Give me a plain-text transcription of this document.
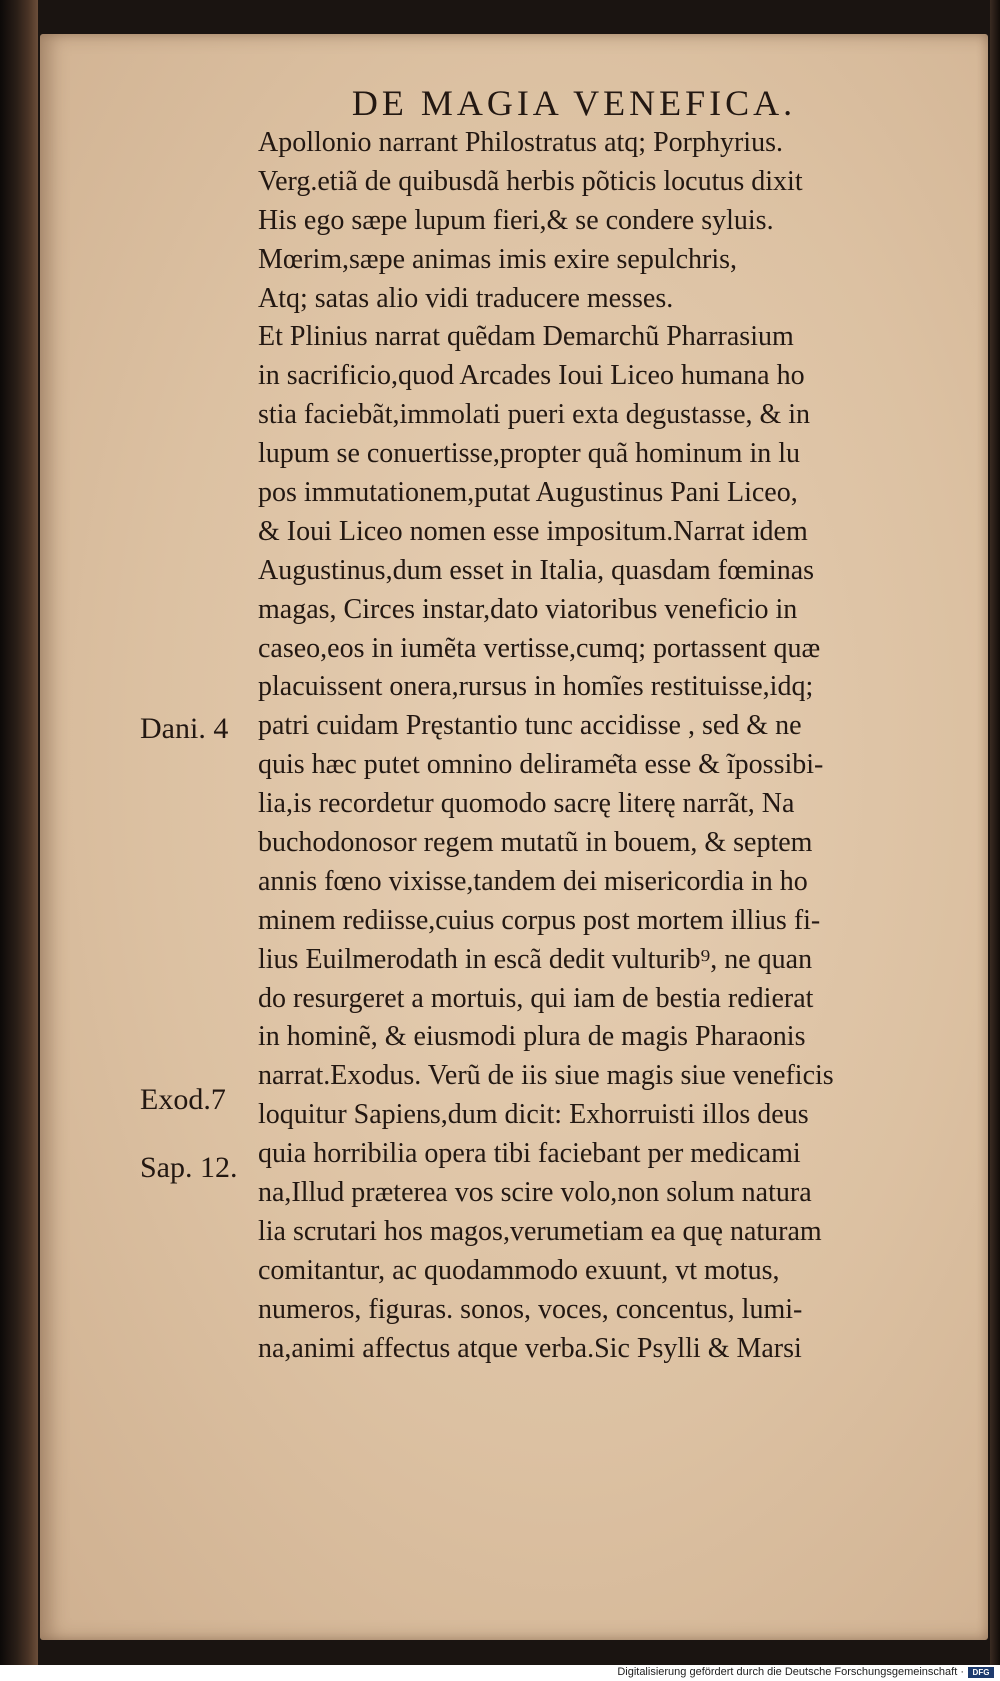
DE MAGIA VENEFICA.
Apollonio narrant Philostratus atq; Porphyrius.
Verg.etiã de quibusdã herbis põticis locutus dixit
His ego sæpe lupum fieri,& se condere syluis.
Mœrim,sæpe animas imis exire sepulchris,
Atq; satas alio vidi traducere messes.
Et Plinius narrat quẽdam Demarchũ Pharrasium
in sacrificio,quod Arcades Ioui Liceo humana ho
stia faciebãt,immolati pueri exta degustasse, & in
lupum se conuertisse,propter quã hominum in lu
pos immutationem,putat Augustinus Pani Liceo,
& Ioui Liceo nomen esse impositum.Narrat idem
Augustinus,dum esset in Italia, quasdam fœminas
magas, Circes instar,dato viatoribus veneficio in
caseo,eos in iumẽta vertisse,cumq; portassent quæ
placuissent onera,rursus in homĩes restituisse,idq;
patri cuidam Pręstantio tunc accidisse , sed & ne
quis hæc putet omnino delirame͂ta esse & ĩpossibi-
lia,is recordetur quomodo sacrę literę narrãt, Na
buchodonosor regem mutatũ in bouem, & septem
annis fœno vixisse,tandem dei misericordia in ho
minem rediisse,cuius corpus post mortem illius fi-
lius Euilmerodath in escã dedit vulturib⁹, ne quan
do resurgeret a mortuis, qui iam de bestia redierat
in hominẽ, & eiusmodi plura de magis Pharaonis
narrat.Exodus. Verũ de iis siue magis siue veneficis
loquitur Sapiens,dum dicit: Exhorruisti illos deus
quia horribilia opera tibi faciebant per medicami
na,Illud prӕterea vos scire volo,non solum natura
lia scrutari hos magos,verumetiam ea quę naturam
comitantur, ac quodammodo exuunt, vt motus,
numeros, figuras. sonos, voces, concentus, lumi-
na,animi affectus atque verba.Sic Psylli & Marsi
Dani. 4
Exod.7
Sap. 12.
Digitalisierung gefördert durch die Deutsche Forschungsgemeinschaft ·	DFG
